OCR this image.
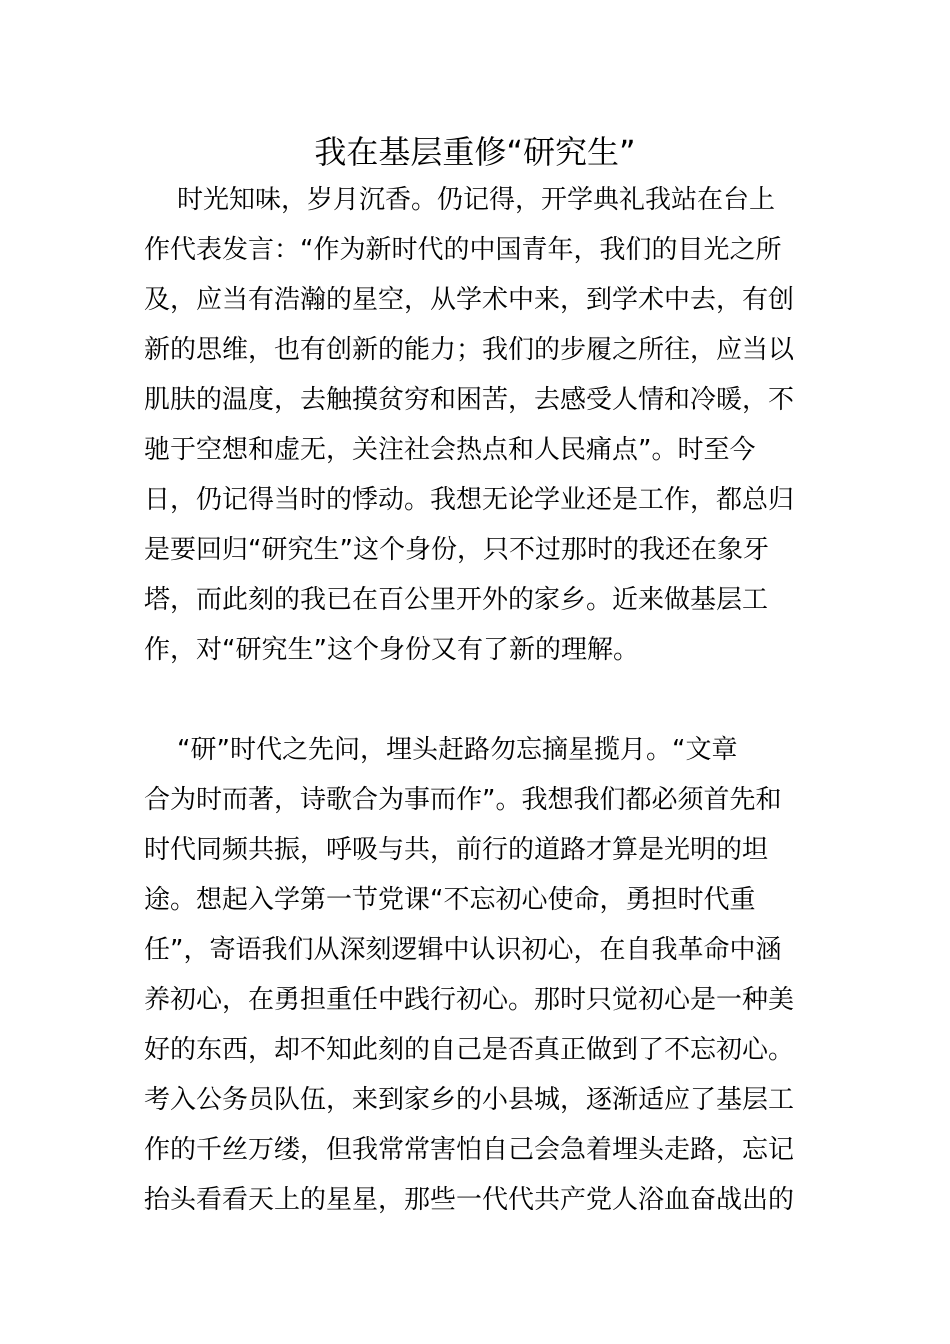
我在基层重修“研究生”

时光知味，岁月沉香。仍记得，开学典礼我站在台上

作代表发言：“作为新时代的中国青年，我们的目光之所

及，应当有浩瀚的星空，从学术中来，到学术中去，有创

新的思维，也有创新的能力；我们的步履之所往，应当以

肌肤的温度，去触摸贫穷和困苦，去感受人情和冷暖，不

驰于空想和虚无，关注社会热点和人民痛点”。时至今

日，仍记得当时的悸动。我想无论学业还是工作，都总归

是要回归“研究生”这个身份，只不过那时的我还在象牙

塔，而此刻的我已在百公里开外的家乡。近来做基层工

作，对“研究生”这个身份又有了新的理解。

“研”时代之先问，埋头赶路勿忘摘星揽月。“文章

合为时而著，诗歌合为事而作”。我想我们都必须首先和

时代同频共振，呼吸与共，前行的道路才算是光明的坦

途。想起入学第一节党课“不忘初心使命，勇担时代重

任”，寄语我们从深刻逻辑中认识初心，在自我革命中涵

养初心，在勇担重任中践行初心。那时只觉初心是一种美

好的东西，却不知此刻的自己是否真正做到了不忘初心。

考入公务员队伍，来到家乡的小县城，逐渐适应了基层工

作的千丝万缕，但我常常害怕自己会急着埋头走路，忘记

抬头看看天上的星星，那些一代代共产党人浴血奋战出的
